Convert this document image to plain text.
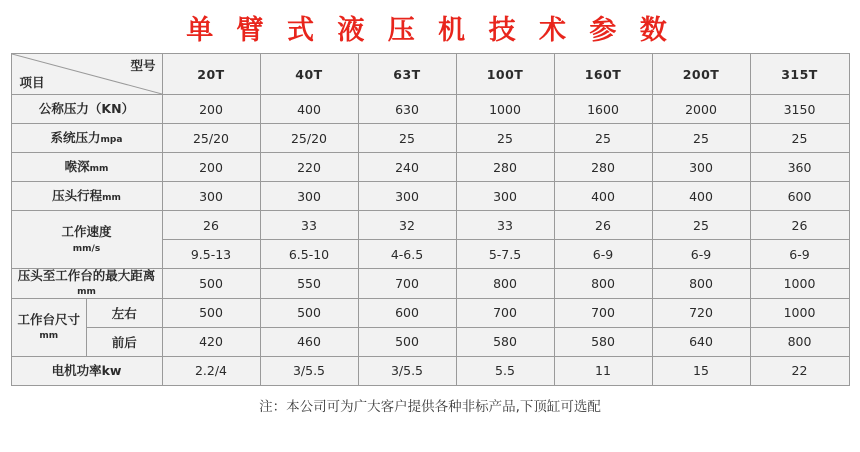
单 臂 式 液 压 机 技 术 参 数
型号
项目		20T	40T	63T	100T	160T	200T	315T
公称压力（KN）		200	400	630	1000	1600	2000	3150
系统压力mpa		25/20	25/20	25	25	25	25	25
喉深mm		200	220	240	280	280	300	360
压头行程mm		300	300	300	300	400	400	600
工作速度
mm/s		26	33	32	33	26	25	26
		9.5-13	6.5-10	4-6.5	5-7.5	6-9	6-9	6-9
压头至工作台的最大距离mm		500	550	700	800	800	800	1000
工作台尺寸
mm	左右	500	500	600	700	700	720	1000
	前后	420	460	500	580	580	640	800
电机功率kw		2.2/4	3/5.5	3/5.5	5.5	11	15	22
注：本公司可为广大客户提供各种非标产品,下顶缸可选配
